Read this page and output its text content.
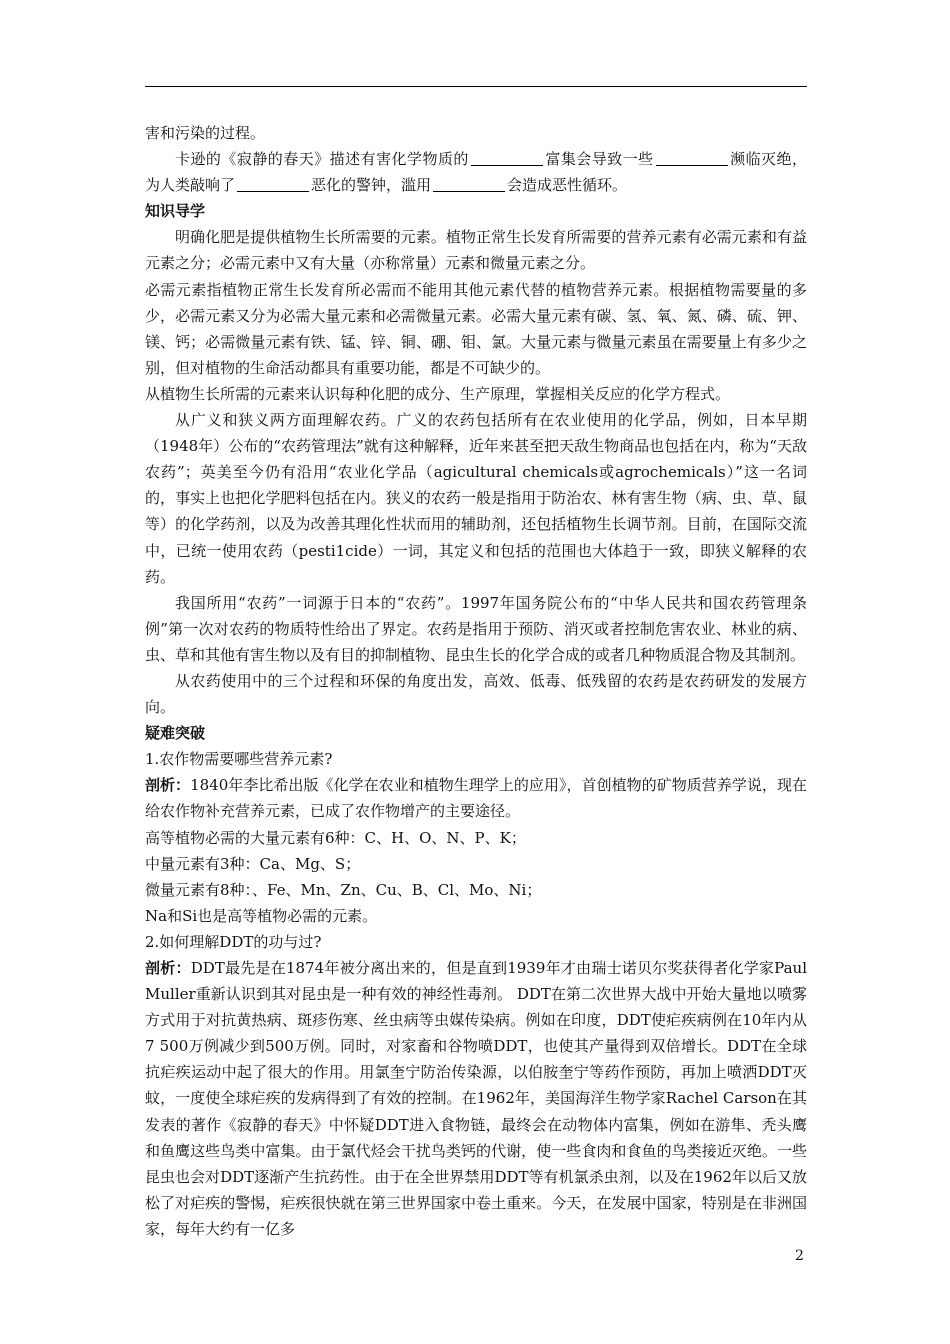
害和污染的过程。

卡逊的《寂静的春天》描述有害化学物质的	富集会导致一些	濒临灭绝，为人类敲响了	恶化的警钟，滥用	会造成恶性循环。

知识导学

明确化肥是提供植物生长所需要的元素。植物正常生长发育所需要的营养元素有必需元素和有益元素之分；必需元素中又有大量（亦称常量）元素和微量元素之分。

必需元素指植物正常生长发育所必需而不能用其他元素代替的植物营养元素。根据植物需要量的多少，必需元素又分为必需大量元素和必需微量元素。必需大量元素有碳、氢、氧、氮、磷、硫、钾、镁、钙；必需微量元素有铁、锰、锌、铜、硼、钼、氯。大量元素与微量元素虽在需要量上有多少之别，但对植物的生命活动都具有重要功能，都是不可缺少的。

从植物生长所需的元素来认识每种化肥的成分、生产原理，掌握相关反应的化学方程式。

从广义和狭义两方面理解农药。广义的农药包括所有在农业使用的化学品，例如，日本早期（1948年）公布的“农药管理法”就有这种解释，近年来甚至把天敌生物商品也包括在内，称为“天敌农药”；英美至今仍有沿用“农业化学品（agicultural chemicals或agrochemicals）”这一名词的，事实上也把化学肥料包括在内。狭义的农药一般是指用于防治农、林有害生物（病、虫、草、鼠等）的化学药剂，以及为改善其理化性状而用的辅助剂，还包括植物生长调节剂。目前，在国际交流中，已统一使用农药（pesti1cide）一词，其定义和包括的范围也大体趋于一致，即狭义解释的农药。

我国所用“农药”一词源于日本的“农药”。1997年国务院公布的“中华人民共和国农药管理条例”第一次对农药的物质特性给出了界定。农药是指用于预防、消灭或者控制危害农业、林业的病、虫、草和其他有害生物以及有目的抑制植物、昆虫生长的化学合成的或者几种物质混合物及其制剂。

从农药使用中的三个过程和环保的角度出发，高效、低毒、低残留的农药是农药研发的发展方向。

疑难突破

1.农作物需要哪些营养元素?

剖析：1840年李比希出版《化学在农业和植物生理学上的应用》，首创植物的矿物质营养学说，现在给农作物补充营养元素，已成了农作物增产的主要途径。

高等植物必需的大量元素有6种：C、H、O、N、P、K；

中量元素有3种：Ca、Mg、S；

微量元素有8种：、Fe、Mn、Zn、Cu、B、Cl、Mo、Ni；

Na和Si也是高等植物必需的元素。

2.如何理解DDT的功与过?

剖析：DDT最先是在1874年被分离出来的，但是直到1939年才由瑞士诺贝尔奖获得者化学家Paul Muller重新认识到其对昆虫是一种有效的神经性毒剂。 DDT在第二次世界大战中开始大量地以喷雾方式用于对抗黄热病、斑疹伤寒、丝虫病等虫媒传染病。例如在印度，DDT使疟疾病例在10年内从7 500万例减少到500万例。同时，对家畜和谷物喷DDT，也使其产量得到双倍增长。DDT在全球抗疟疾运动中起了很大的作用。用氯奎宁防治传染源，以伯胺奎宁等药作预防，再加上喷洒DDT灭蚊，一度使全球疟疾的发病得到了有效的控制。在1962年，美国海洋生物学家Rachel Carson在其发表的著作《寂静的春天》中怀疑DDT进入食物链，最终会在动物体内富集，例如在游隼、秃头鹰和鱼鹰这些鸟类中富集。由于氯代烃会干扰鸟类钙的代谢，使一些食肉和食鱼的鸟类接近灭绝。一些昆虫也会对DDT逐渐产生抗药性。由于在全世界禁用DDT等有机氯杀虫剂，以及在1962年以后又放松了对疟疾的警惕，疟疾很快就在第三世界国家中卷土重来。今天，在发展中国家，特别是在非洲国家，每年大约有一亿多

2
